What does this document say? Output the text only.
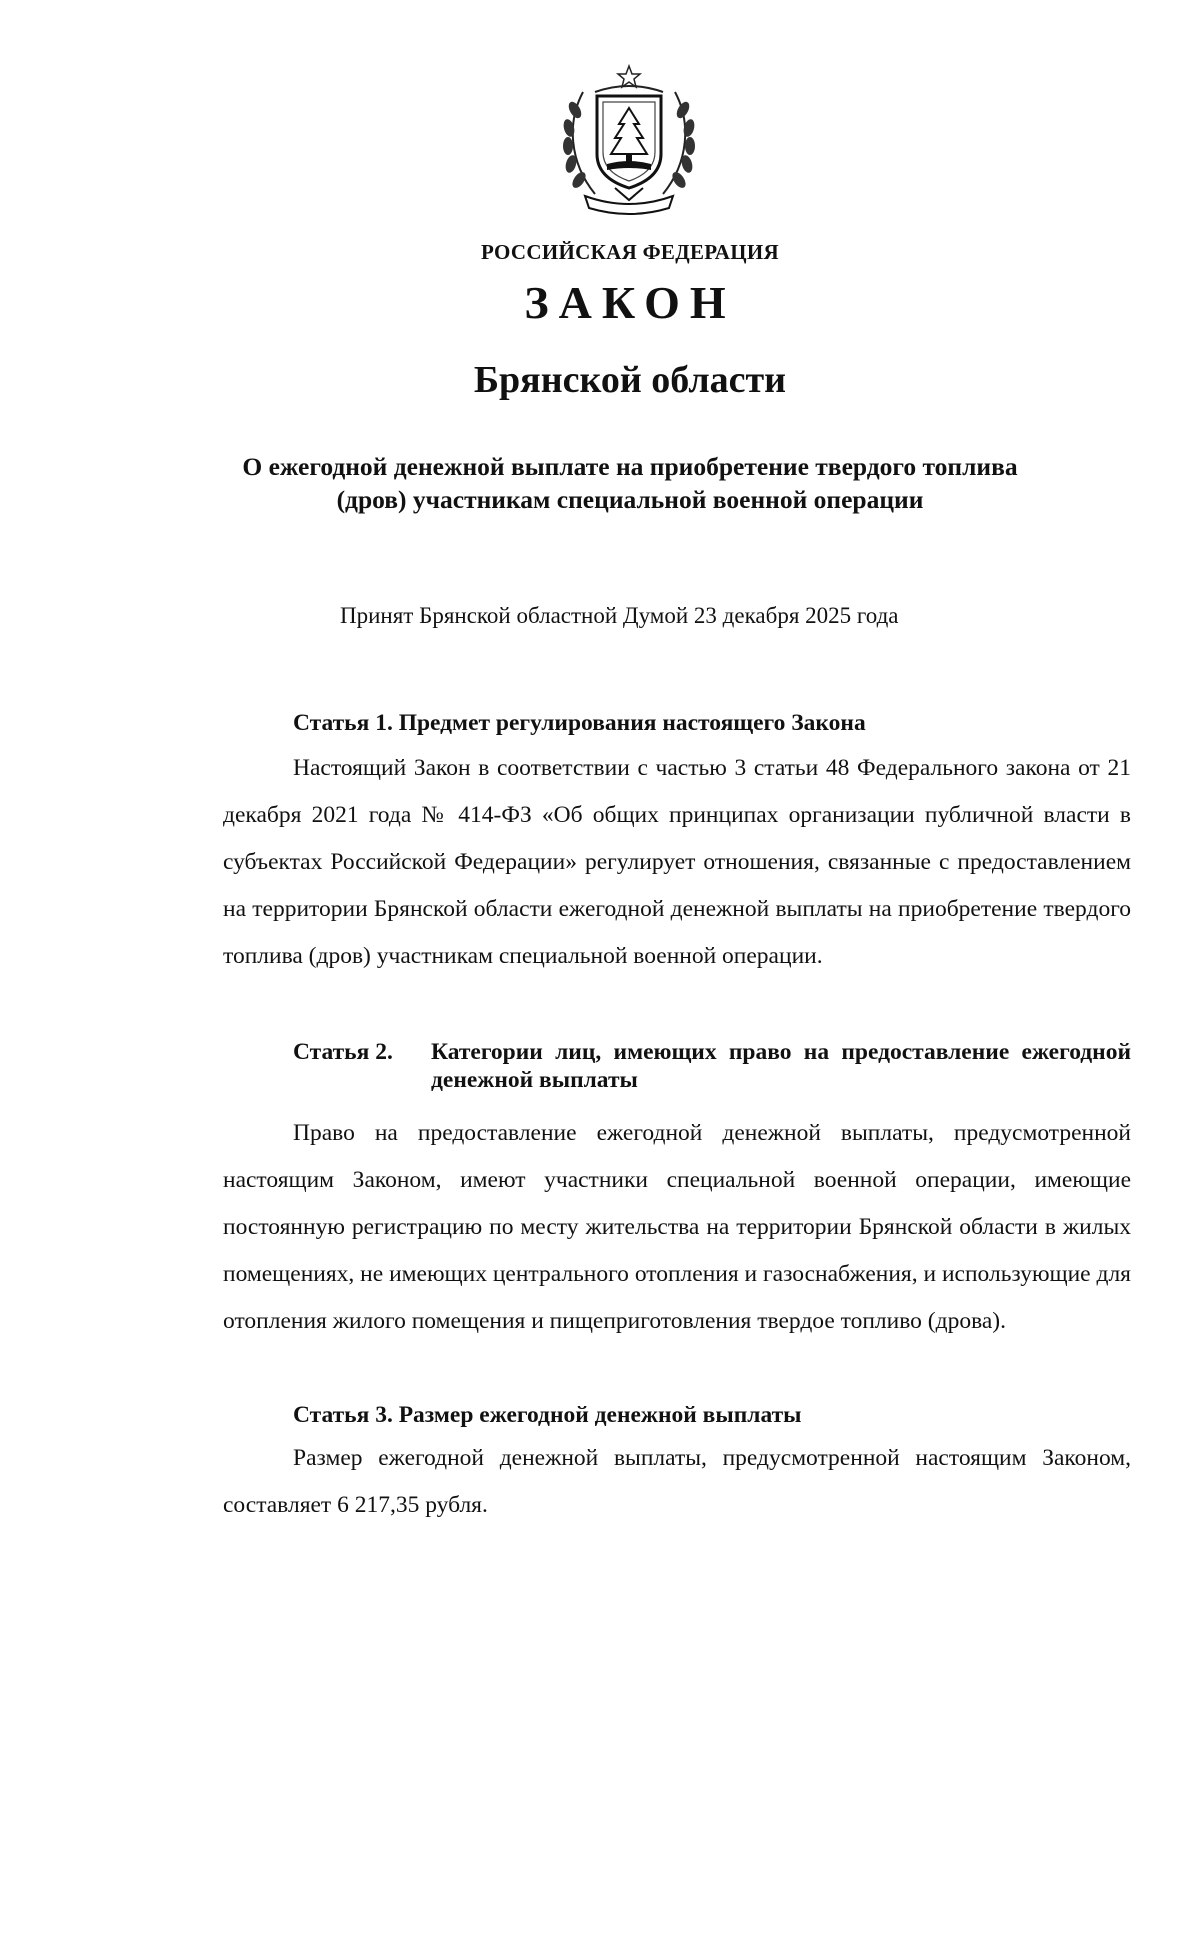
РОССИЙСКАЯ ФЕДЕРАЦИЯ
ЗАКОН
Брянской области
О ежегодной денежной выплате на приобретение твердого топлива (дров) участникам специальной военной операции
Принят Брянской областной Думой 23 декабря 2025 года
Статья 1. Предмет регулирования настоящего Закона
Настоящий Закон в соответствии с частью 3 статьи 48 Федерального закона от 21 декабря 2021 года № 414-ФЗ «Об общих принципах организации публичной власти в субъектах Российской Федерации» регулирует отношения, связанные с предоставлением на территории Брянской области ежегодной денежной выплаты на приобретение твердого топлива (дров) участникам специальной военной операции.
Статья 2. Категории лиц, имеющих право на предоставление ежегодной денежной выплаты
Право на предоставление ежегодной денежной выплаты, предусмотренной настоящим Законом, имеют участники специальной военной операции, имеющие постоянную регистрацию по месту жительства на территории Брянской области в жилых помещениях, не имеющих центрального отопления и газоснабжения, и использующие для отопления жилого помещения и пищеприготовления твердое топливо (дрова).
Статья 3. Размер ежегодной денежной выплаты
Размер ежегодной денежной выплаты, предусмотренной настоящим Законом, составляет 6 217,35 рубля.
